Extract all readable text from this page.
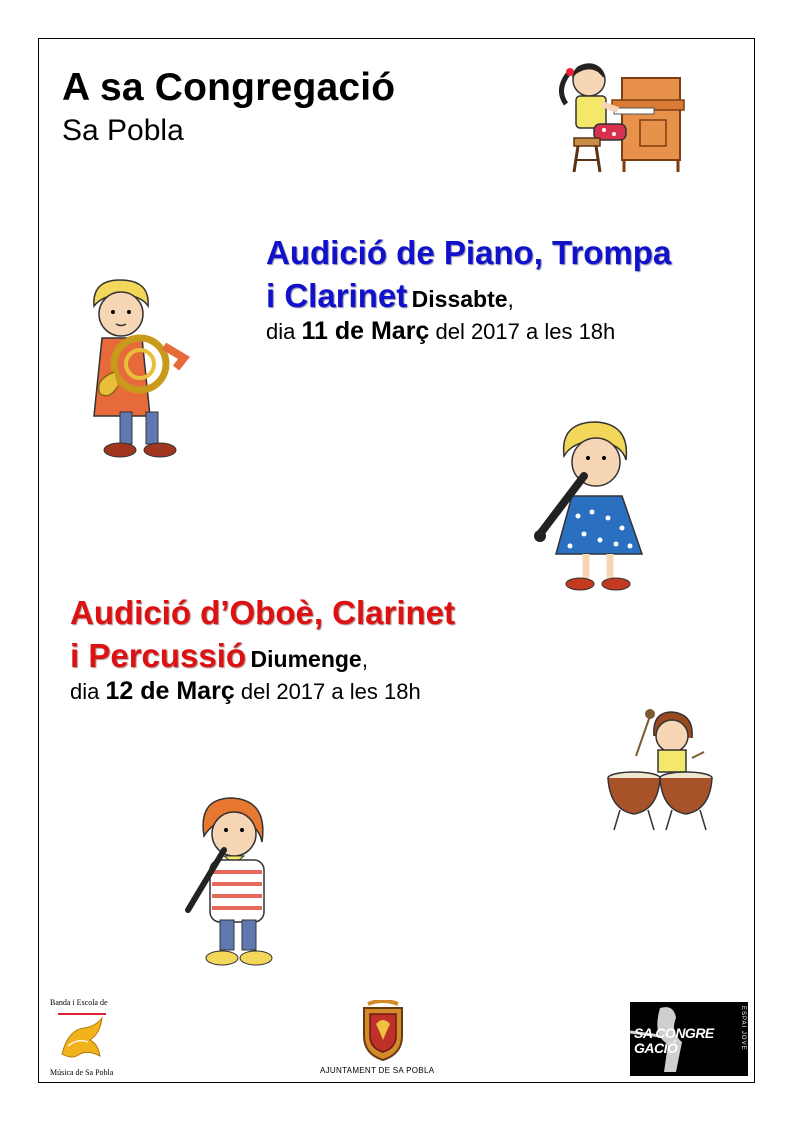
A sa Congregació
Sa Pobla
Audició de Piano, Trompa
i Clarinet Dissabte,
dia 11 de Març del 2017 a les 18h
Audició d’Oboè, Clarinet
i Percussió Diumenge,
dia 12 de Març del 2017 a les 18h
Banda i Escola de
Música de Sa Pobla	AJUNTAMENT DE SA POBLA
SA CONGRE GACIÓ	ESPAI JOVE
